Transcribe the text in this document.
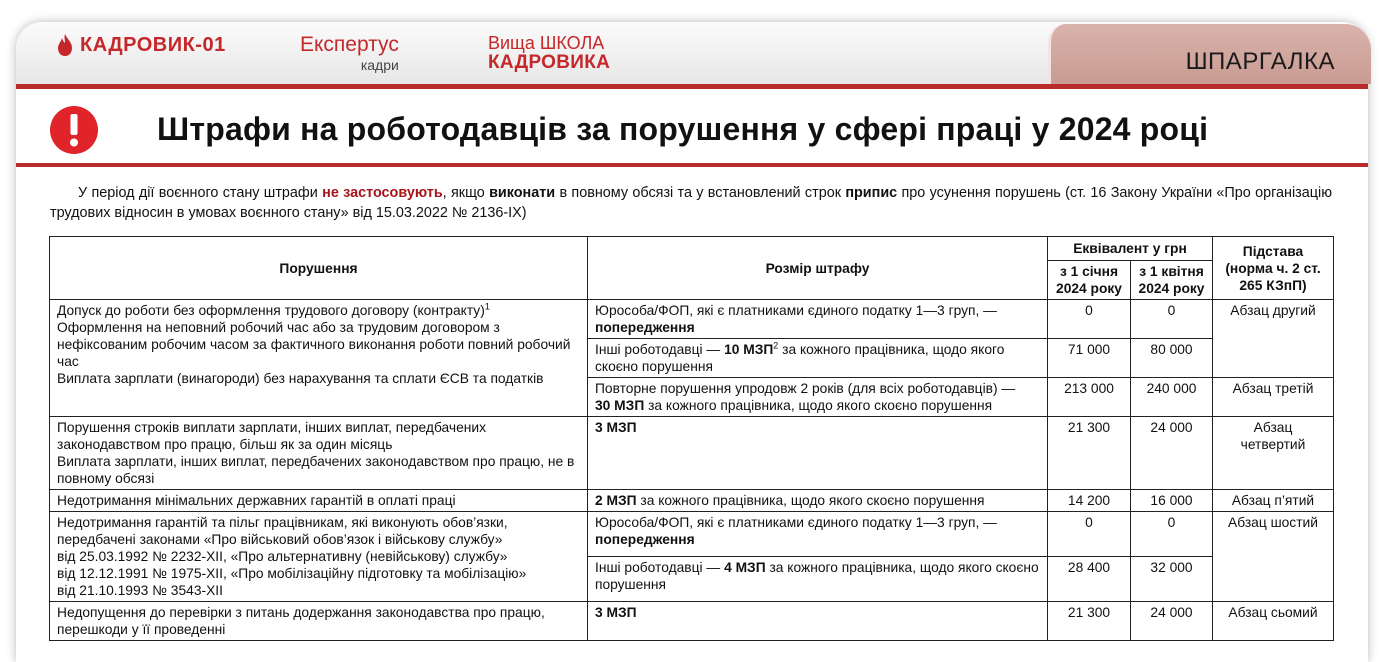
КАДРОВИК-01	Експертус
кадри
Вища ШКОЛА
КАДРОВИКА	ШПАРГАЛКА
Штрафи на роботодавців за порушення у сфері праці у 2024 році
У період дії воєнного стану штрафи не застосовують, якщо виконати в повному обсязі та у встановлений строк припис про усунення порушень (ст. 16 Закону України «Про організацію трудових відносин в умовах воєнного стану» від 15.03.2022 № 2136-IX)
Порушення	Розмір штрафу	Еквівалент у грн		Підстава (норма ч. 2 ст. 265 КЗпП)
		з 1 січня 2024 року	з 1 квітня 2024 року	

Допуск до роботи без оформлення трудового договору (контракту)$^1$
Оформлення на неповний робочий час або за трудовим договором з нефіксованим робочим часом за фактичного виконання роботи повний робочий час
Виплата зарплати (винагороди) без нарахування та сплати ЄСВ та податків	Юрособа/ФОП, які є платниками єдиного податку 1—3 груп, — попередження	0	0	Абзац другий
	Інші роботодавці — 10 МЗП$^2$ за кожного працівника, щодо якого скоєно порушення	71 000	80 000	
	Повторне порушення упродовж 2 років (для всіх роботодавців) —
30 МЗП за кожного працівника, щодо якого скоєно порушення	213 000	240 000	Абзац третій

Порушення строків виплати зарплати, інших виплат, передбачених законодавством про працю, більш як за один місяць
Виплата зарплати, інших виплат, передбачених законодавством про працю, не в повному обсязі	3 МЗП	21 300	24 000	Абзац четвертий
Недотримання мінімальних державних гарантій в оплаті праці	2 МЗП за кожного працівника, щодо якого скоєно порушення	14 200	16 000	Абзац п’ятий

Недотримання гарантій та пільг працівникам, які виконують обов’язки, передбачені законами «Про військовий обов’язок і військову службу»
від 25.03.1992 № 2232-XII, «Про альтернативну (невійськову) службу»
від 12.12.1991 № 1975-XII, «Про мобілізаційну підготовку та мобілізацію»
від 21.10.1993 № 3543-XII	Юрособа/ФОП, які є платниками єдиного податку 1—3 груп, — попередження	0	0	Абзац шостий
	Інші роботодавці — 4 МЗП за кожного працівника, щодо якого скоєно порушення	28 400	32 000	
Недопущення до перевірки з питань додержання законодавства про працю, перешкоди у її проведенні	3 МЗП	21 300	24 000	Абзац сьомий
